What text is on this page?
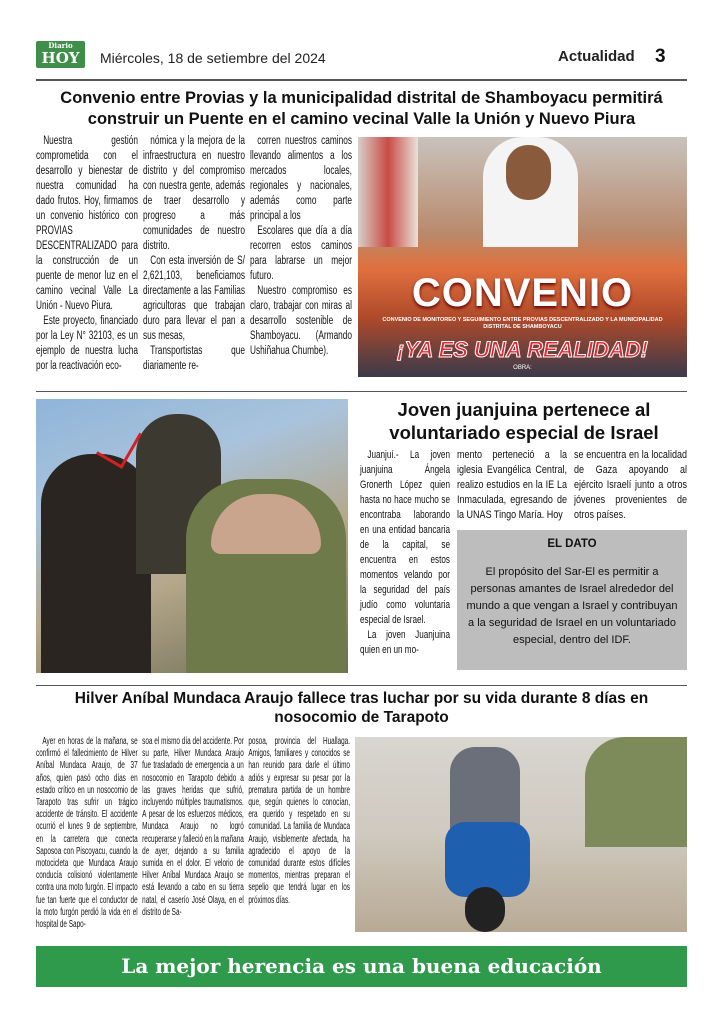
Diario
HOY	Miércoles, 18 de setiembre del 2024	Actualidad 3
Convenio entre Provias y la municipalidad distrital de Shamboyacu permitirá construir un Puente en el camino vecinal Valle la Unión y Nuevo Piura

Nuestra gestión comprometida con el desarrollo y bienestar de nuestra comunidad ha dado frutos. Hoy, firmamos un convenio histórico con PROVIAS DESCENTRALIZADO para la construcción de un puente de menor luz en el camino vecinal Valle La Unión - Nuevo Piura.

Este proyecto, financiado por la Ley N° 32103, es un ejemplo de nuestra lucha por la reactivación eco-

nómica y la mejora de la infraestructura en nuestro distrito y del compromiso con nuestra gente, además de traer desarrollo y progreso a más comunidades de nuestro distrito.

Con esta inversión de S/ 2,621,103, beneficiamos directamente a las Familias agricultoras que trabajan duro para llevar el pan a sus mesas,

Transportistas que diariamente re-

corren nuestros caminos llevando alimentos a los mercados locales, regionales y nacionales, además como parte principal a los

Escolares que día a día recorren estos caminos para labrarse un mejor futuro.

Nuestro compromiso es claro, trabajar con miras al desarrollo sostenible de Shamboyacu. (Armando Ushiñahua Chumbe).

CONVENIO
CONVENIO DE MONITOREO Y SEGUIMIENTO ENTRE PROVIAS DESCENTRALIZADO Y LA MUNICIPALIDAD DISTRITAL DE SHAMBOYACU
¡YA ES UNA REALIDAD!
OBRA:
Joven juanjuina pertenece al voluntariado especial de Israel

Juanjuí.- La joven juanjuina Ángela Gronerth López quien hasta no hace mucho se encontraba laborando en una entidad bancaria de la capital, se encuentra en estos momentos velando por la seguridad del país judío como voluntaria especial de Israel.

La joven Juanjuina quien en un mo-

mento perteneció a la iglesia Evangélica Central, realizo estudios en la IE La Inmaculada, egresando de la UNAS Tingo María. Hoy

se encuentra en la localidad de Gaza apoyando al ejército Israelí junto a otros jóvenes provenientes de otros países.

EL DATO

El propósito del Sar-El es permitir a personas amantes de Israel alrededor del mundo a que vengan a Israel y contribuyan a la seguridad de Israel en un voluntariado especial, dentro del IDF.

Hilver Aníbal Mundaca Araujo fallece tras luchar por su vida durante 8 días en nosocomio de Tarapoto

Ayer en horas de la mañana, se confirmó el fallecimiento de Hilver Aníbal Mundaca Araujo, de 37 años, quien pasó ocho días en estado crítico en un nosocomio de Tarapoto tras sufrir un trágico accidente de tránsito. El accidente ocurrió el lunes 9 de septiembre, en la carretera que conecta Saposoa con Piscoyacu, cuando la motocicleta que Mundaca Araujo conducía colisionó violentamente contra una moto furgón. El impacto fue tan fuerte que el conductor de la moto furgón perdió la vida en el hospital de Sapo-

soa el mismo día del accidente. Por su parte, Hilver Mundaca Araujo fue trasladado de emergencia a un nosocomio en Tarapoto debido a las graves heridas que sufrió, incluyendo múltiples traumatismos. A pesar de los esfuerzos médicos, Mundaca Araujo no logró recuperarse y falleció en la mañana de ayer, dejando a su familia sumida en el dolor. El velorio de Hilver Aníbal Mundaca Araujo se está llevando a cabo en su tierra natal, el caserío José Olaya, en el distrito de Sa-

posoa, provincia del Huallaga. Amigos, familiares y conocidos se han reunido para darle el último adiós y expresar su pesar por la prematura partida de un hombre que, según quienes lo conocían, era querido y respetado en su comunidad. La familia de Mundaca Araujo, visiblemente afectada, ha agradecido el apoyo de la comunidad durante estos difíciles momentos, mientras preparan el sepelio que tendrá lugar en los próximos días.

La mejor herencia es una buena educación
